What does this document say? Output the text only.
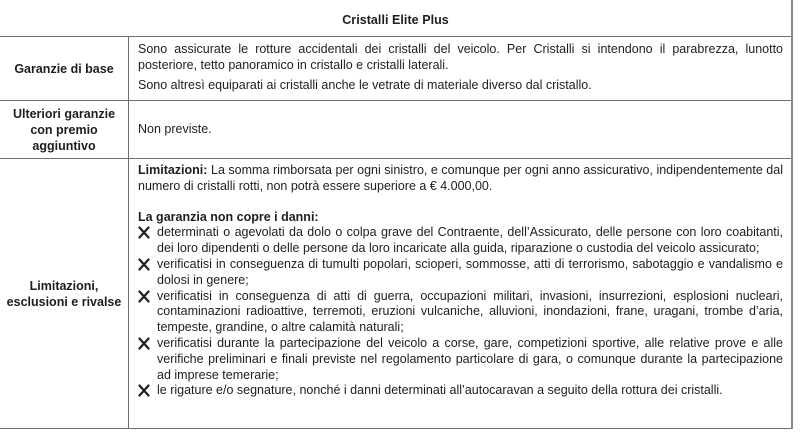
Cristalli Elite Plus
Garanzie di base

Sono assicurate le rotture accidentali dei cristalli del veicolo. Per Cristalli si intendono il parabrezza, lunotto posteriore, tetto panoramico in cristallo e cristalli laterali.

Sono altresì equiparati ai cristalli anche le vetrate di materiale diverso dal cristallo.

Ulteriori garanzie con premio aggiuntivo
Non previste.
Limitazioni, esclusioni e rivalse

Limitazioni: La somma rimborsata per ogni sinistro, e comunque per ogni anno assicurativo, indipendentemente dal numero di cristalli rotti, non potrà essere superiore a € 4.000,00.

La garanzia non copre i danni:

determinati o agevolati da dolo o colpa grave del Contraente, dell’Assicurato, delle persone con loro coabitanti, dei loro dipendenti o delle persone da loro incaricate alla guida, riparazione o custodia del veicolo assicurato;
verificatisi in conseguenza di tumulti popolari, scioperi, sommosse, atti di terrorismo, sabotaggio e vandalismo e dolosi in genere;
verificatisi in conseguenza di atti di guerra, occupazioni militari, invasioni, insurrezioni, esplosioni nucleari, contaminazioni radioattive, terremoti, eruzioni vulcaniche, alluvioni, inondazioni, frane, uragani, trombe d’aria, tempeste, grandine, o altre calamità naturali;
verificatisi durante la partecipazione del veicolo a corse, gare, competizioni sportive, alle relative prove e alle verifiche preliminari e finali previste nel regolamento particolare di gara, o comunque durante la partecipazione ad imprese temerarie;
le rigature e/o segnature, nonché i danni determinati all’autocaravan a seguito della rottura dei cristalli.
